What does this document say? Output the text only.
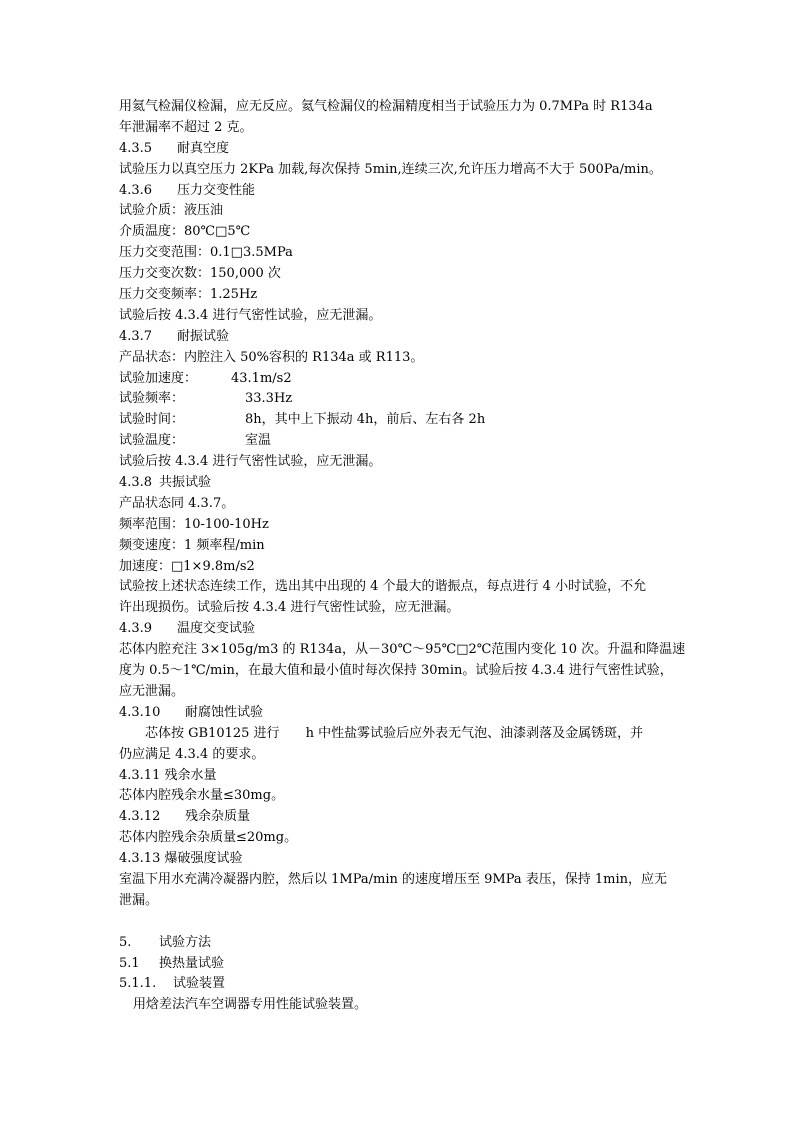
用氦气检漏仪检漏，应无反应。氦气检漏仪的检漏精度相当于试验压力为 0.7MPa 时 R134a
年泄漏率不超过 2 克。
4.3.5 耐真空度
试验压力以真空压力 2KPa 加载,每次保持 5min,连续三次,允许压力增高不大于 500Pa/min。
4.3.6 压力交变性能
试验介质：液压油
介质温度：80℃□5℃
压力交变范围：0.1□3.5MPa
压力交变次数：150,000 次
压力交变频率：1.25Hz
试验后按 4.3.4 进行气密性试验，应无泄漏。
4.3.7 耐振试验
产品状态：内腔注入 50%容积的 R134a 或 R113。
试验加速度：	43.1m/s2
试验频率：	33.3Hz
试验时间：	8h，其中上下振动 4h，前后、左右各 2h
试验温度：	室温
试验后按 4.3.4 进行气密性试验，应无泄漏。
4.3.8 共振试验
产品状态同 4.3.7。
频率范围：10-100-10Hz
频变速度：1 频率程/min
加速度：□1×9.8m/s2
试验按上述状态连续工作，选出其中出现的 4 个最大的谐振点，每点进行 4 小时试验，不允
许出现损伤。试验后按 4.3.4 进行气密性试验，应无泄漏。
4.3.9 温度交变试验
芯体内腔充注 3×105g/m3 的 R134a，从－30℃～95℃□2℃范围内变化 10 次。升温和降温速
度为 0.5～1℃/min，在最大值和最小值时每次保持 30min。试验后按 4.3.4 进行气密性试验，
应无泄漏。
4.3.10 耐腐蚀性试验
芯体按 GB10125 进行 h 中性盐雾试验后应外表无气泡、油漆剥落及金属锈斑，并
仍应满足 4.3.4 的要求。
4.3.11 残余水量
芯体内腔残余水量≤30mg。
4.3.12 残余杂质量
芯体内腔残余杂质量≤20mg。
4.3.13 爆破强度试验
室温下用水充满冷凝器内腔，然后以 1MPa/min 的速度增压至 9MPa 表压，保持 1min，应无
泄漏。
5. 试验方法
5.1 换热量试验
5.1.1. 试验装置
用焓差法汽车空调器专用性能试验装置。
